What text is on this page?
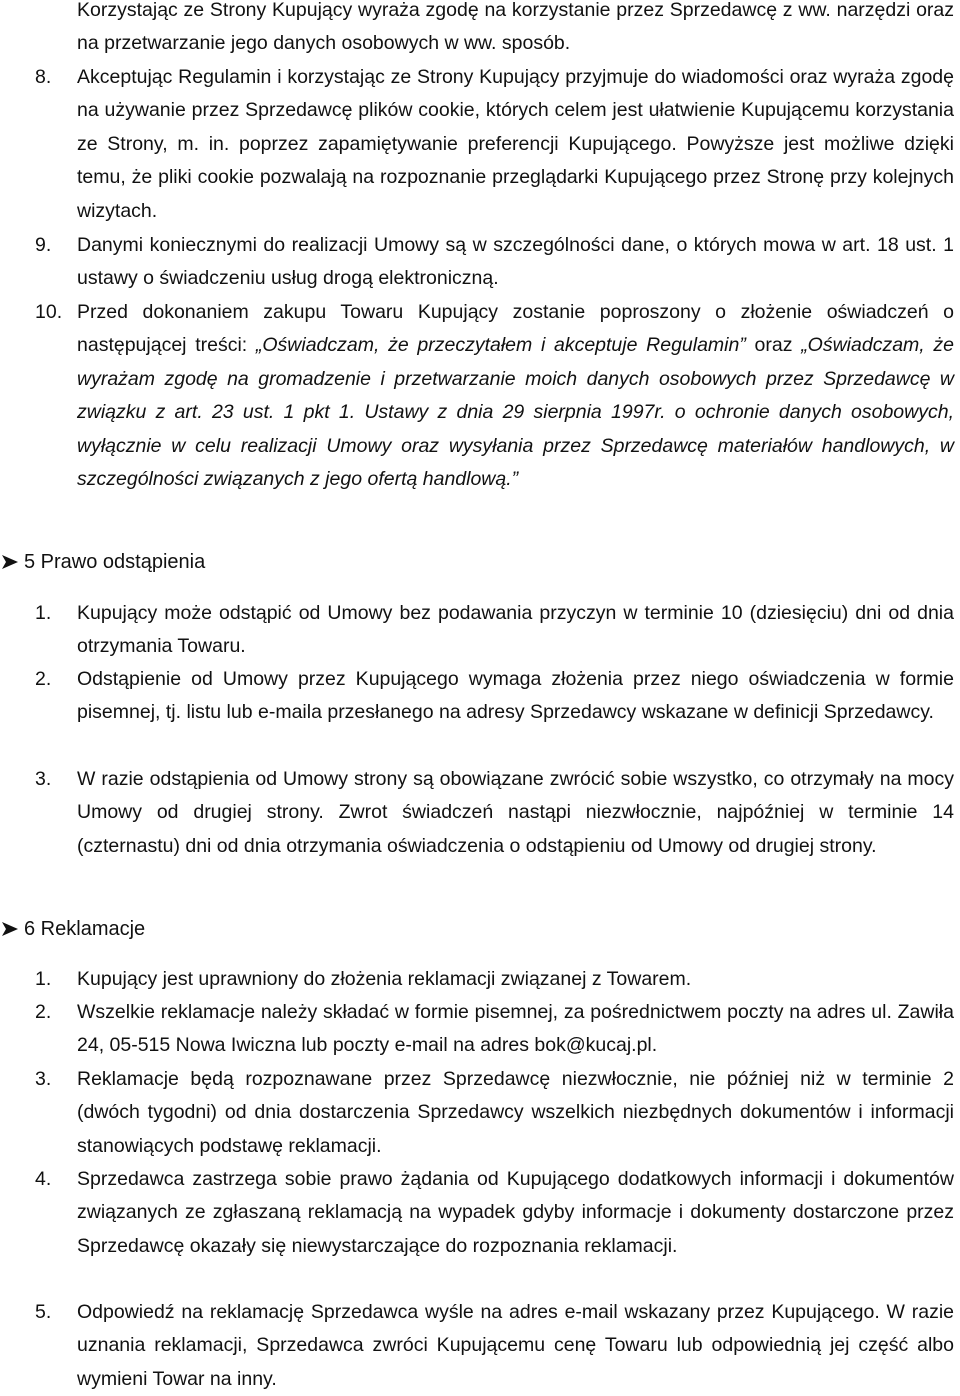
Korzystając ze Strony Kupujący wyraża zgodę na korzystanie przez Sprzedawcę z ww. narzędzi oraz na przetwarzanie jego danych osobowych w ww. sposób.

8.	Akceptując Regulamin i korzystając ze Strony Kupujący przyjmuje do wiadomości oraz wyraża zgodę na używanie przez Sprzedawcę plików cookie, których celem jest ułatwienie Kupującemu korzystania ze Strony, m. in. poprzez zapamiętywanie preferencji Kupującego. Powyższe jest możliwe dzięki temu, że pliki cookie pozwalają na rozpoznanie przeglądarki Kupującego przez Stronę przy kolejnych wizytach.

9.	Danymi koniecznymi do realizacji Umowy są w szczególności dane, o których mowa w art. 18 ust. 1 ustawy o świadczeniu usług drogą elektroniczną.

10. Przed dokonaniem zakupu Towaru Kupujący zostanie poproszony o złożenie oświadczeń o następującej treści: „Oświadczam, że przeczytałem i akceptuje Regulamin” oraz „Oświadczam, że wyrażam zgodę na gromadzenie i przetwarzanie moich danych osobowych przez Sprzedawcę w związku z art. 23 ust. 1 pkt 1. Ustawy z dnia 29 sierpnia 1997r. o ochronie danych osobowych, wyłącznie w celu realizacji Umowy oraz wysyłania przez Sprzedawcę materiałów handlowych, w szczególności związanych z jego ofertą handlową.”

5 Prawo odstąpienia
1.	Kupujący może odstąpić od Umowy bez podawania przyczyn w terminie 10 (dziesięciu) dni od dnia otrzymania Towaru.

2.	Odstąpienie od Umowy przez Kupującego wymaga złożenia przez niego oświadczenia w formie pisemnej, tj. listu lub e-maila przesłanego na adresy Sprzedawcy wskazane w definicji Sprzedawcy.

3.	W razie odstąpienia od Umowy strony są obowiązane zwrócić sobie wszystko, co otrzymały na mocy Umowy od drugiej strony. Zwrot świadczeń nastąpi niezwłocznie, najpóźniej w terminie 14 (czternastu) dni od dnia otrzymania oświadczenia o odstąpieniu od Umowy od drugiej strony.

6 Reklamacje
1.	Kupujący jest uprawniony do złożenia reklamacji związanej z Towarem.

2.	Wszelkie reklamacje należy składać w formie pisemnej, za pośrednictwem poczty na adres ul. Zawiła 24, 05-515 Nowa Iwiczna lub poczty e-mail na adres bok@kucaj.pl.

3.	Reklamacje będą rozpoznawane przez Sprzedawcę niezwłocznie, nie później niż w terminie 2 (dwóch tygodni) od dnia dostarczenia Sprzedawcy wszelkich niezbędnych dokumentów i informacji stanowiących podstawę reklamacji.

4.	Sprzedawca zastrzega sobie prawo żądania od Kupującego dodatkowych informacji i dokumentów związanych ze zgłaszaną reklamacją na wypadek gdyby informacje i dokumenty dostarczone przez Sprzedawcę okazały się niewystarczające do rozpoznania reklamacji.

5.	Odpowiedź na reklamację Sprzedawca wyśle na adres e-mail wskazany przez Kupującego. W razie uznania reklamacji, Sprzedawca zwróci Kupującemu cenę Towaru lub odpowiednią jej część albo wymieni Towar na inny.
